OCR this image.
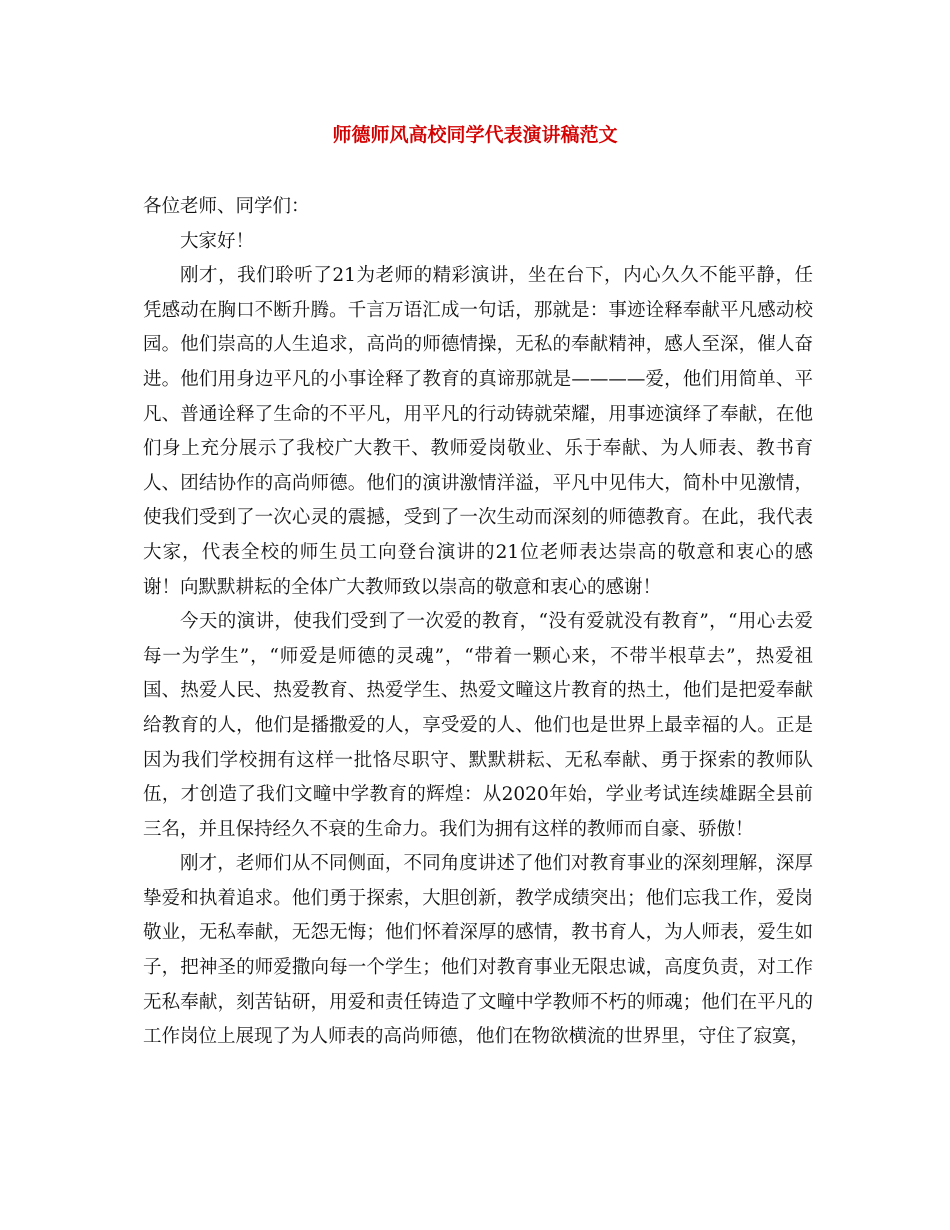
师德师风高校同学代表演讲稿范文

各位老师、同学们：

大家好！

刚才，我们聆听了21为老师的精彩演讲，坐在台下，内心久久不能平静，任凭感动在胸口不断升腾。千言万语汇成一句话，那就是：事迹诠释奉献平凡感动校园。他们崇高的人生追求，高尚的师德情操，无私的奉献精神，感人至深，催人奋进。他们用身边平凡的小事诠释了教育的真谛那就是————爱，他们用简单、平凡、普通诠释了生命的不平凡，用平凡的行动铸就荣耀，用事迹演绎了奉献，在他们身上充分展示了我校广大教干、教师爱岗敬业、乐于奉献、为人师表、教书育人、团结协作的高尚师德。他们的演讲激情洋溢，平凡中见伟大，简朴中见激情，使我们受到了一次心灵的震撼，受到了一次生动而深刻的师德教育。在此，我代表大家，代表全校的师生员工向登台演讲的21位老师表达崇高的敬意和衷心的感谢！向默默耕耘的全体广大教师致以崇高的敬意和衷心的感谢！

今天的演讲，使我们受到了一次爱的教育，“没有爱就没有教育”，“用心去爱每一为学生”，“师爱是师德的灵魂”，“带着一颗心来，不带半根草去”，热爱祖国、热爱人民、热爱教育、热爱学生、热爱文疃这片教育的热土，他们是把爱奉献给教育的人，他们是播撒爱的人，享受爱的人、他们也是世界上最幸福的人。正是因为我们学校拥有这样一批恪尽职守、默默耕耘、无私奉献、勇于探索的教师队伍，才创造了我们文疃中学教育的辉煌：从2020年始，学业考试连续雄踞全县前三名，并且保持经久不衰的生命力。我们为拥有这样的教师而自豪、骄傲！

刚才，老师们从不同侧面，不同角度讲述了他们对教育事业的深刻理解，深厚挚爱和执着追求。他们勇于探索，大胆创新，教学成绩突出；他们忘我工作，爱岗敬业，无私奉献，无怨无悔；他们怀着深厚的感情，教书育人，为人师表，爱生如子，把神圣的师爱撒向每一个学生；他们对教育事业无限忠诚，高度负责，对工作无私奉献，刻苦钻研，用爱和责任铸造了文疃中学教师不朽的师魂；他们在平凡的工作岗位上展现了为人师表的高尚师德，他们在物欲横流的世界里，守住了寂寞，
